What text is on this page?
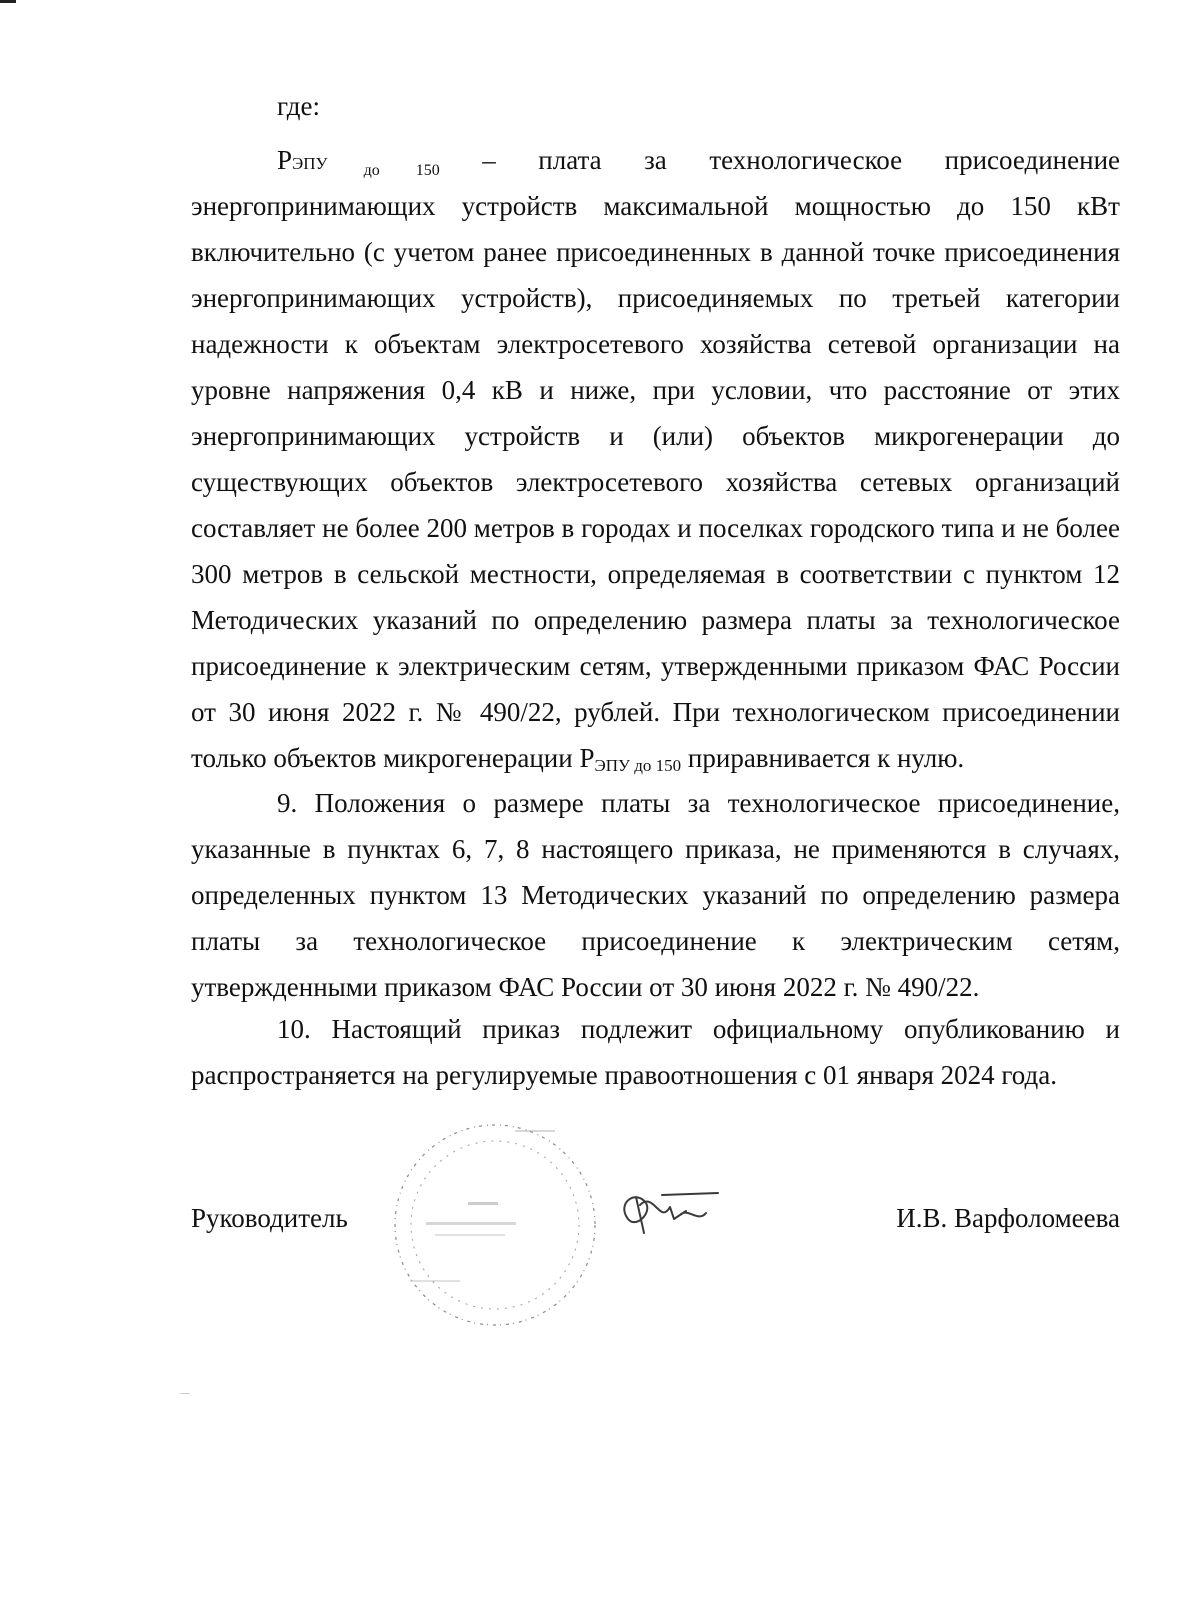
где:
РЭПУ $_{до}$ $_{150}$ – плата за технологическое присоединение
энергопринимающих устройств максимальной мощностью до 150 кВт
включительно (с учетом ранее присоединенных в данной точке присоединения
энергопринимающих устройств), присоединяемых по третьей категории
надежности к объектам электросетевого хозяйства сетевой организации на
уровне напряжения 0,4 кВ и ниже, при условии, что расстояние от этих
энергопринимающих устройств и (или) объектов микрогенерации до
существующих объектов электросетевого хозяйства сетевых организаций
составляет не более 200 метров в городах и поселках городского типа и не более
300 метров в сельской местности, определяемая в соответствии с пунктом 12
Методических указаний по определению размера платы за технологическое
присоединение к электрическим сетям, утвержденными приказом ФАС России
от 30 июня 2022 г. № 490/22, рублей. При технологическом присоединении
только объектов микрогенерации РЭПУ до 150 приравнивается к нулю.
9. Положения о размере платы за технологическое присоединение,
указанные в пунктах 6, 7, 8 настоящего приказа, не применяются в случаях,
определенных пунктом 13 Методических указаний по определению размера
платы за технологическое присоединение к электрическим сетям,
утвержденными приказом ФАС России от 30 июня 2022 г. № 490/22.
10. Настоящий приказ подлежит официальному опубликованию и
распространяется на регулируемые правоотношения с 01 января 2024 года.
Руководитель	И.В. Варфоломеева
